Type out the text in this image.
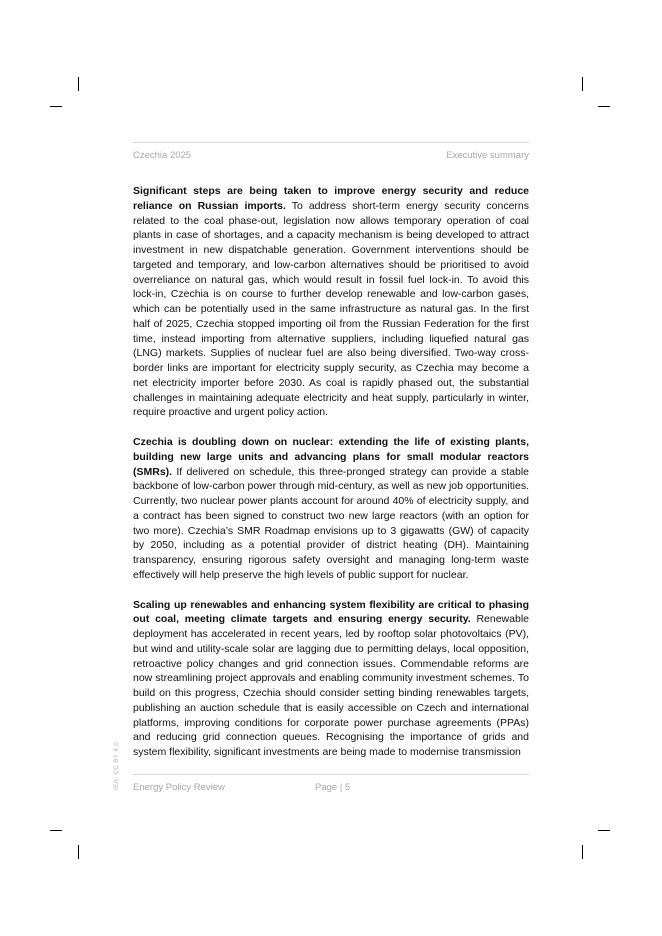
Czechia 2025	Executive summary

Significant steps are being taken to improve energy security and reduce reliance on Russian imports. To address short-term energy security concerns related to the coal phase-out, legislation now allows temporary operation of coal plants in case of shortages, and a capacity mechanism is being developed to attract investment in new dispatchable generation. Government interventions should be targeted and temporary, and low-carbon alternatives should be prioritised to avoid overreliance on natural gas, which would result in fossil fuel lock-in. To avoid this lock-in, Czechia is on course to further develop renewable and low-carbon gases, which can be potentially used in the same infrastructure as natural gas. In the first half of 2025, Czechia stopped importing oil from the Russian Federation for the first time, instead importing from alternative suppliers, including liquefied natural gas (LNG) markets. Supplies of nuclear fuel are also being diversified. Two-way cross-border links are important for electricity supply security, as Czechia may become a net electricity importer before 2030. As coal is rapidly phased out, the substantial challenges in maintaining adequate electricity and heat supply, particularly in winter, require proactive and urgent policy action.

Czechia is doubling down on nuclear: extending the life of existing plants, building new large units and advancing plans for small modular reactors (SMRs). If delivered on schedule, this three-pronged strategy can provide a stable backbone of low-carbon power through mid-century, as well as new job opportunities. Currently, two nuclear power plants account for around 40% of electricity supply, and a contract has been signed to construct two new large reactors (with an option for two more). Czechia’s SMR Roadmap envisions up to 3 gigawatts (GW) of capacity by 2050, including as a potential provider of district heating (DH). Maintaining transparency, ensuring rigorous safety oversight and managing long-term waste effectively will help preserve the high levels of public support for nuclear.

Scaling up renewables and enhancing system flexibility are critical to phasing out coal, meeting climate targets and ensuring energy security. Renewable deployment has accelerated in recent years, led by rooftop solar photovoltaics (PV), but wind and utility-scale solar are lagging due to permitting delays, local opposition, retroactive policy changes and grid connection issues. Commendable reforms are now streamlining project approvals and enabling community investment schemes. To build on this progress, Czechia should consider setting binding renewables targets, publishing an auction schedule that is easily accessible on Czech and international platforms, improving conditions for corporate power purchase agreements (PPAs) and reducing grid connection queues. Recognising the importance of grids and system flexibility, significant investments are being made to modernise transmission

Energy Policy Review	Page | 5
IEA. CC BY 4.0.
